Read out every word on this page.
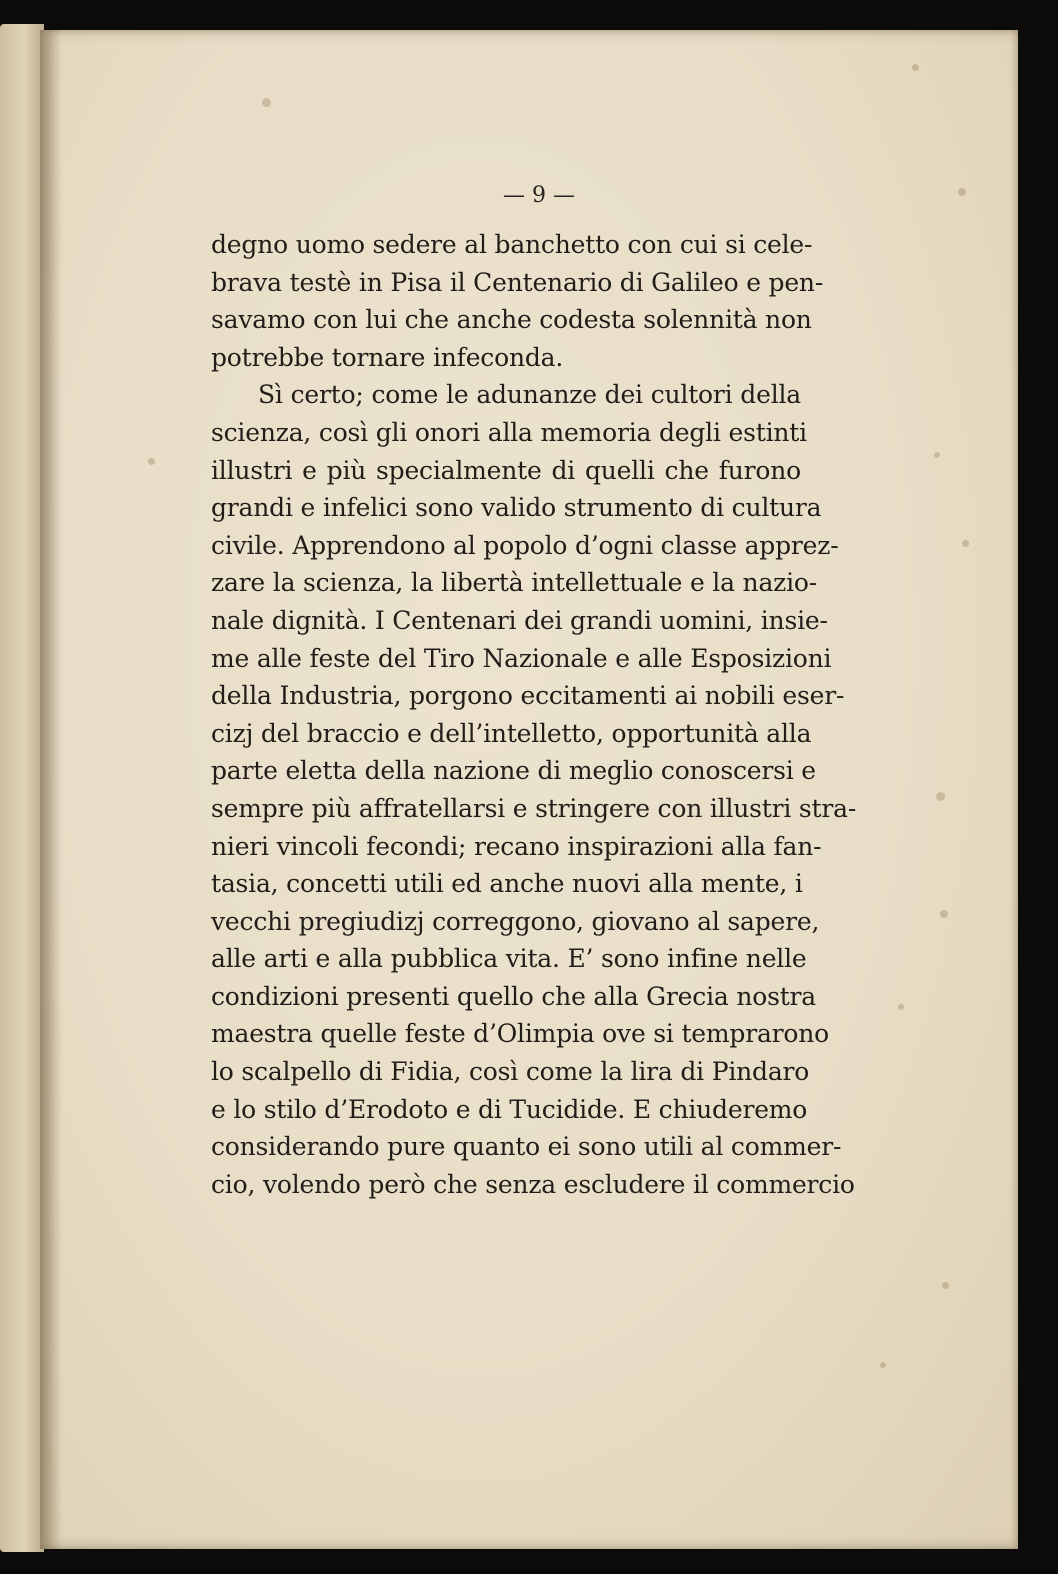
— 9 —
degno uomo sedere al banchetto con cui si cele-
brava testè in Pisa il Centenario di Galileo e pen-
savamo con lui che anche codesta solennità non
potrebbe tornare infeconda.
Sì certo; come le adunanze dei cultori della
scienza, così gli onori alla memoria degli estinti
illustri e più specialmente di quelli che furono
grandi e infelici sono valido strumento di cultura
civile. Apprendono al popolo d’ogni classe apprez-
zare la scienza, la libertà intellettuale e la nazio-
nale dignità. I Centenari dei grandi uomini, insie-
me alle feste del Tiro Nazionale e alle Esposizioni
della Industria, porgono eccitamenti ai nobili eser-
cizj del braccio e dell’intelletto, opportunità alla
parte eletta della nazione di meglio conoscersi e
sempre più affratellarsi e stringere con illustri stra-
nieri vincoli fecondi; recano inspirazioni alla fan-
tasia, concetti utili ed anche nuovi alla mente, i
vecchi pregiudizj correggono, giovano al sapere,
alle arti e alla pubblica vita. E’ sono infine nelle
condizioni presenti quello che alla Grecia nostra
maestra quelle feste d’Olimpia ove si temprarono
lo scalpello di Fidia, così come la lira di Pindaro
e lo stilo d’Erodoto e di Tucidide. E chiuderemo
considerando pure quanto ei sono utili al commer-
cio, volendo però che senza escludere il commercio
